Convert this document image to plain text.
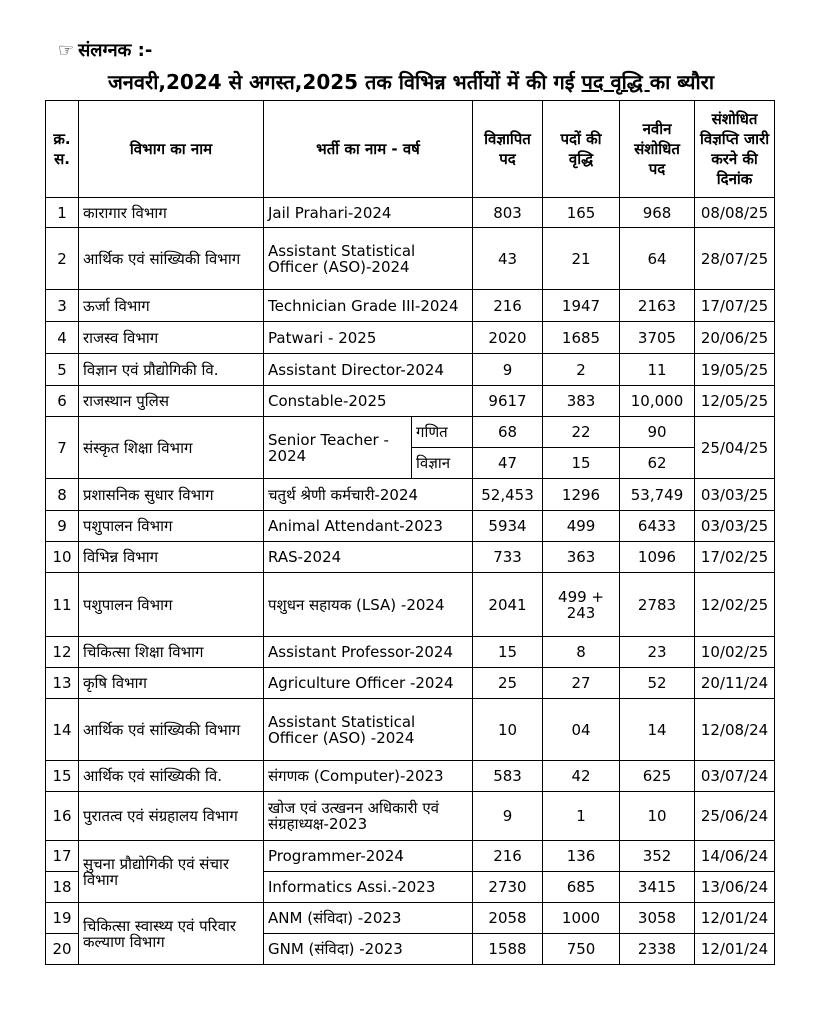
☞ संलग्नक :-
जनवरी,2024 से अगस्त,2025 तक विभिन्न भर्तीयों में की गई पद वृद्धि का ब्यौरा
क्र. स.	विभाग का नाम	भर्ती का नाम - वर्ष		विज्ञापित पद	पदों की वृद्धि	नवीन संशोधित पद	संशोधित विज्ञप्ति जारी करने की दिनांक
1	कारागार विभाग	Jail Prahari-2024		803	165	968	08/08/25
2	आर्थिक एवं सांख्यिकी विभाग	Assistant Statistical Officer (ASO)-2024		43	21	64	28/07/25
3	ऊर्जा विभाग	Technician Grade III-2024		216	1947	2163	17/07/25
4	राजस्व विभाग	Patwari - 2025		2020	1685	3705	20/06/25
5	विज्ञान एवं प्रौद्योगिकी वि.	Assistant Director-2024		9	2	11	19/05/25
6	राजस्थान पुलिस	Constable-2025		9617	383	10,000	12/05/25
7	संस्कृत शिक्षा विभाग	Senior Teacher - 2024	गणित	68	22	90	25/04/25
			विज्ञान	47	15	62	
8	प्रशासनिक सुधार विभाग	चतुर्थ श्रेणी कर्मचारी-2024		52,453	1296	53,749	03/03/25
9	पशुपालन विभाग	Animal Attendant-2023		5934	499	6433	03/03/25
10	विभिन्न विभाग	RAS-2024		733	363	1096	17/02/25
11	पशुपालन विभाग	पशुधन सहायक (LSA) -2024		2041	499 + 243	2783	12/02/25
12	चिकित्सा शिक्षा विभाग	Assistant Professor-2024		15	8	23	10/02/25
13	कृषि विभाग	Agriculture Officer -2024		25	27	52	20/11/24
14	आर्थिक एवं सांख्यिकी विभाग	Assistant Statistical Officer (ASO) -2024		10	04	14	12/08/24
15	आर्थिक एवं सांख्यिकी वि.	संगणक (Computer)-2023		583	42	625	03/07/24
16	पुरातत्व एवं संग्रहालय विभाग	खोज एवं उत्खनन अधिकारी एवं संग्रहाध्यक्ष-2023		9	1	10	25/06/24
17	सुचना प्रौद्योगिकी एवं संचार विभाग	Programmer-2024		216	136	352	14/06/24
18		Informatics Assi.-2023		2730	685	3415	13/06/24
19	चिकित्सा स्वास्थ्य एवं परिवार कल्याण विभाग	ANM (संविदा) -2023		2058	1000	3058	12/01/24
20		GNM (संविदा) -2023		1588	750	2338	12/01/24
